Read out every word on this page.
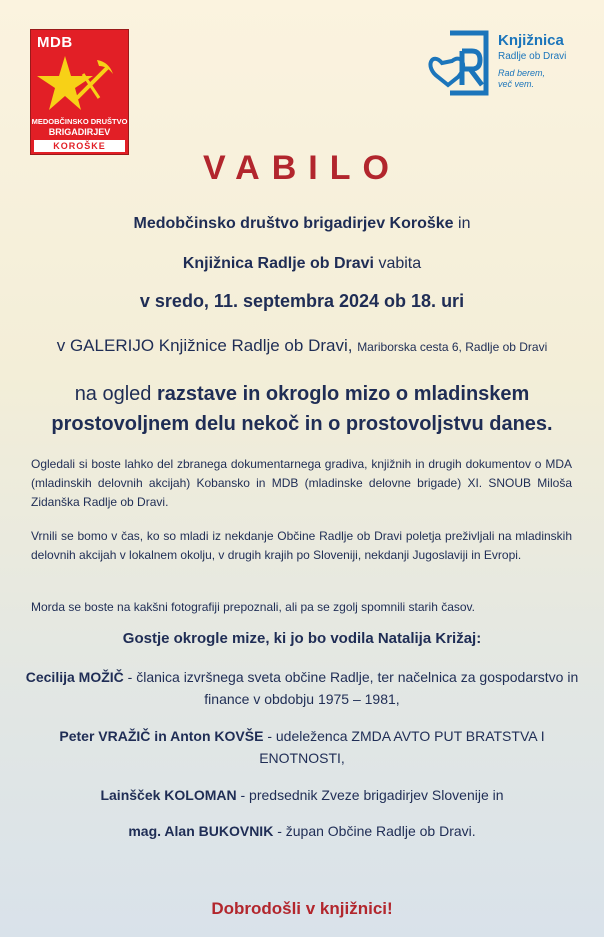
MDB
MEDOBČINSKO DRUŠTVO
BRIGADIRJEV
KOROŠKE
Knjižnica
Radlje ob Dravi
Rad berem,
več vem.
VABILO
Medobčinsko društvo brigadirjev Koroške in
Knjižnica Radlje ob Dravi vabita
v sredo, 11. septembra 2024 ob 18. uri
v GALERIJO Knjižnice Radlje ob Dravi, Mariborska cesta 6, Radlje ob Dravi
na ogled razstave in okroglo mizo o mladinskem prostovoljnem delu nekoč in o prostovoljstvu danes.
Ogledali si boste lahko del zbranega dokumentarnega gradiva, knjižnih in drugih dokumentov o MDA (mladinskih delovnih akcijah) Kobansko in MDB (mladinske delovne brigade) XI. SNOUB Miloša Zidanška Radlje ob Dravi.
Vrnili se bomo v čas, ko so mladi iz nekdanje Občine Radlje ob Dravi poletja preživljali na mladinskih delovnih akcijah v lokalnem okolju, v drugih krajih po Sloveniji, nekdanji Jugoslaviji in Evropi.
Morda se boste na kakšni fotografiji prepoznali, ali pa se zgolj spomnili starih časov.
Gostje okrogle mize, ki jo bo vodila Natalija Križaj:
Cecilija MOŽIČ - članica izvršnega sveta občine Radlje, ter načelnica za gospodarstvo in finance v obdobju 1975 – 1981,
Peter VRAŽIČ in Anton KOVŠE - udeleženca ZMDA AVTO PUT BRATSTVA I ENOTNOSTI,
Lainšček KOLOMAN - predsednik Zveze brigadirjev Slovenije in
mag. Alan BUKOVNIK - župan Občine Radlje ob Dravi.
Dobrodošli v knjižnici!
